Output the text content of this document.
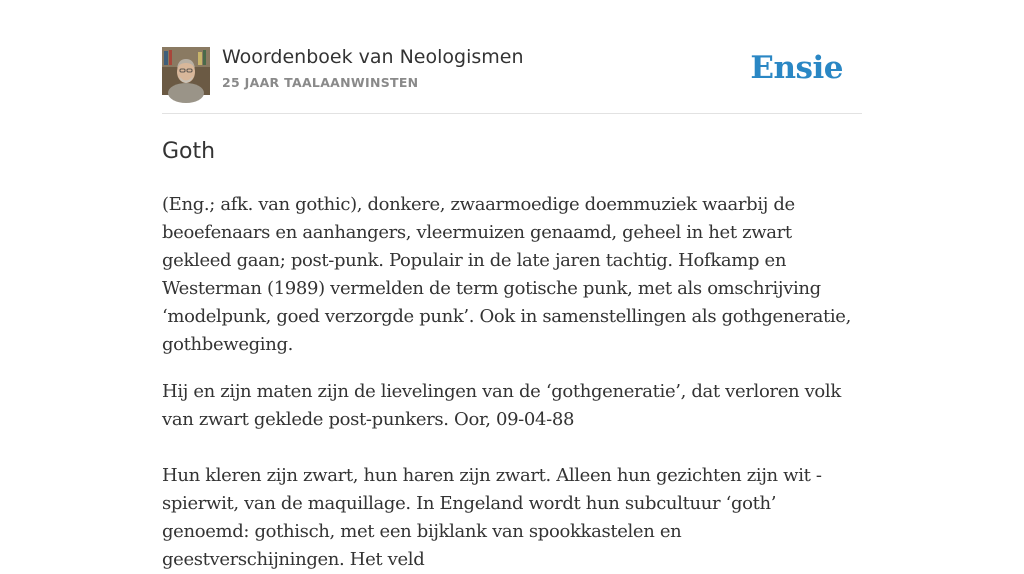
Woordenboek van Neologismen
25 JAAR TAALAANWINSTEN	Ensie
Goth

(Eng.; afk. van gothic), donkere, zwaarmoedige doemmuziek waarbij de beoefenaars en aanhangers, vleermuizen genaamd, geheel in het zwart gekleed gaan; post-punk. Populair in de late jaren tachtig. Hofkamp en Westerman (1989) vermelden de term gotische punk, met als omschrijving ‘modelpunk, goed verzorgde punk’. Ook in samenstellingen als gothgeneratie, gothbeweging.

Hij en zijn maten zijn de lievelingen van de ‘gothgeneratie’, dat verloren volk van zwart geklede post-punkers. Oor, 09-04-88

Hun kleren zijn zwart, hun haren zijn zwart. Alleen hun gezichten zijn wit - spierwit, van de maquillage. In Engeland wordt hun subcultuur ‘goth’ genoemd: gothisch, met een bijklank van spookkastelen en geestverschijningen. Het veld
